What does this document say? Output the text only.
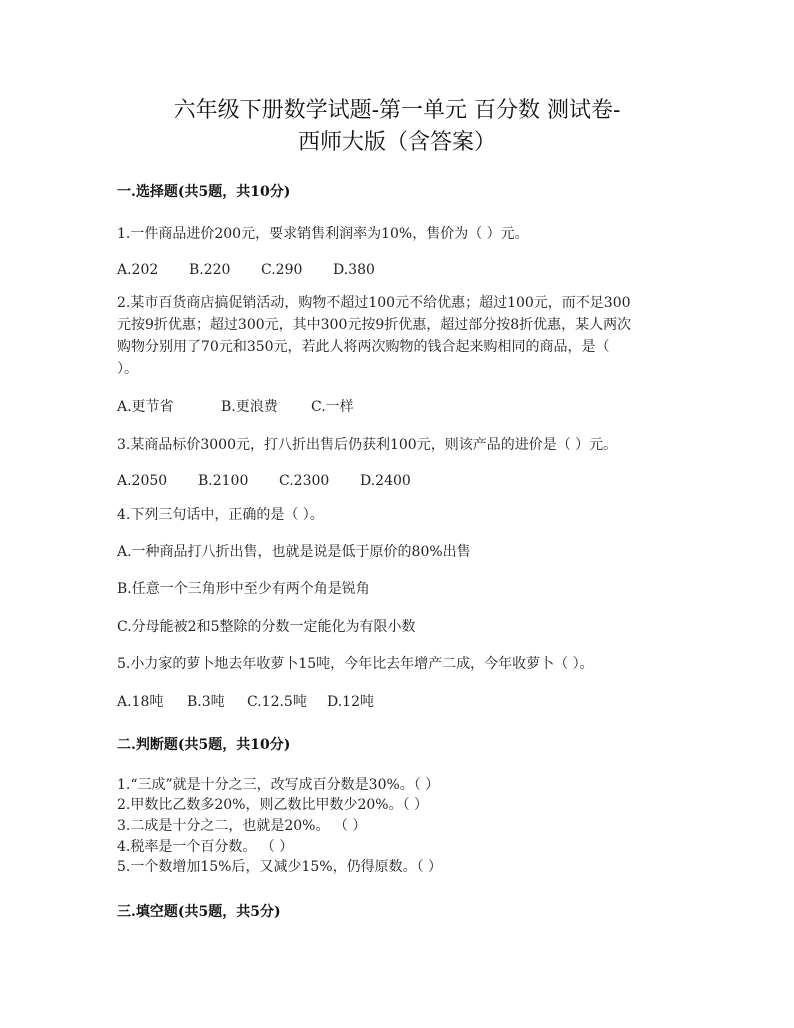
六年级下册数学试题-第一单元 百分数 测试卷-
西师大版（含答案）
一.选择题(共5题，共10分)
1.一件商品进价200元，要求销售利润率为10%，售价为（ ）元。
A.202 B.220 C.290 D.380
2.某市百货商店搞促销活动，购物不超过100元不给优惠；超过100元，而不足300
元按9折优惠；超过300元，其中300元按9折优惠，超过部分按8折优惠，某人两次
购物分别用了70元和350元，若此人将两次购物的钱合起来购相同的商品，是（
）。
A.更节省	B.更浪费 C.一样
3.某商品标价3000元，打八折出售后仍获利100元，则该产品的进价是（ ）元。
A.2050 B.2100 C.2300 D.2400
4.下列三句话中，正确的是（ ）。
A.一种商品打八折出售，也就是说是低于原价的80%出售
B.任意一个三角形中至少有两个角是锐角
C.分母能被2和5整除的分数一定能化为有限小数
5.小力家的萝卜地去年收萝卜15吨，今年比去年增产二成，今年收萝卜（ ）。
A.18吨 B.3吨 C.12.5吨 D.12吨
二.判断题(共5题，共10分)
1.“三成”就是十分之三，改写成百分数是30%。（ ）
2.甲数比乙数多20%，则乙数比甲数少20%。（ ）
3.二成是十分之二，也就是20%。 （ ）
4.税率是一个百分数。 （ ）
5.一个数增加15%后，又减少15%，仍得原数。（ ）
三.填空题(共5题，共5分)
